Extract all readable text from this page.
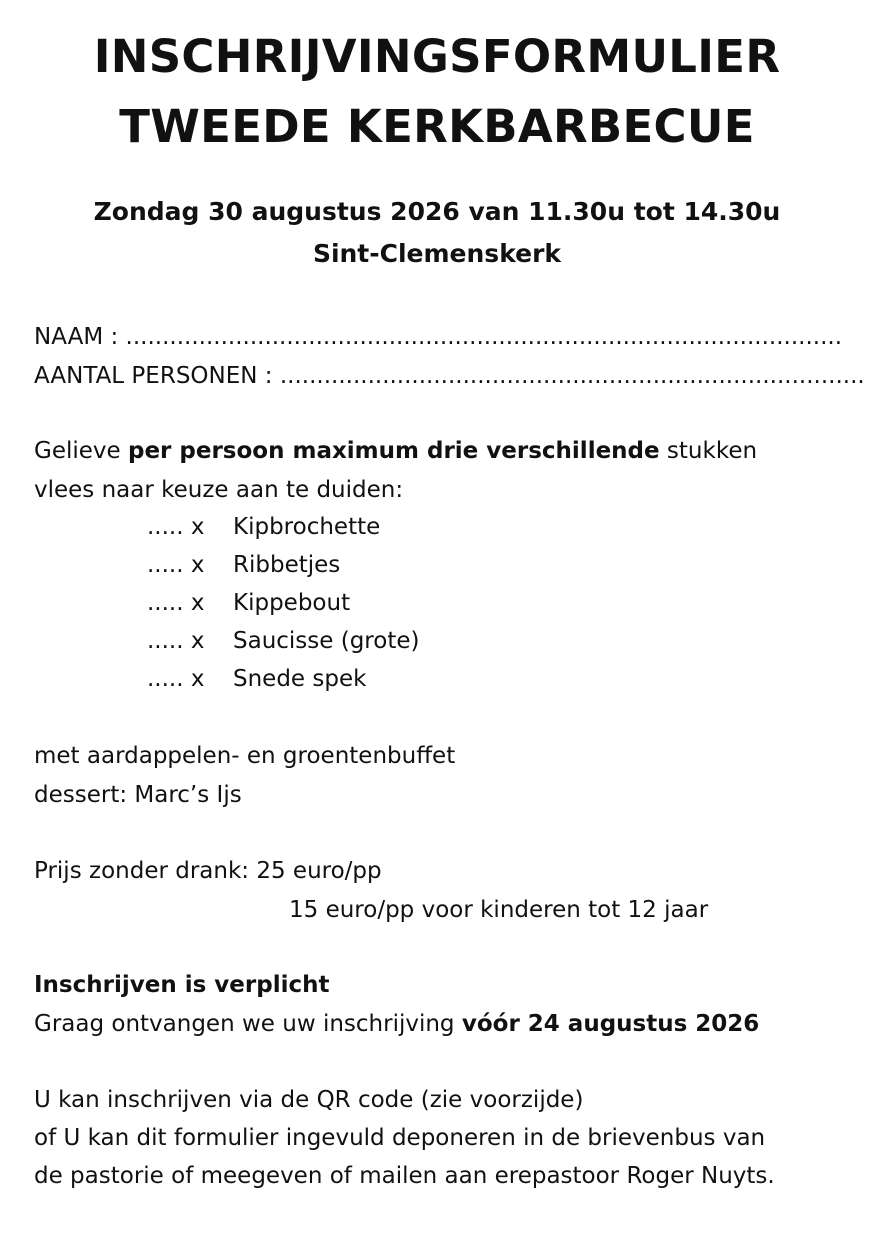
INSCHRIJVINGSFORMULIER
TWEEDE KERKBARBECUE
Zondag 30 augustus 2026 van 11.30u tot 14.30u
Sint-Clemenskerk
NAAM : ..................................................................................................
AANTAL PERSONEN : ................................................................................
Gelieve per persoon maximum drie verschillende stukken
vlees naar keuze aan te duiden:
..... x Kipbrochette
..... x Ribbetjes
..... x Kippebout
..... x Saucisse (grote)
..... x Snede spek
met aardappelen- en groentenbuffet
dessert: Marc’s Ijs
Prijs zonder drank: 25 euro/pp
15 euro/pp voor kinderen tot 12 jaar
Inschrijven is verplicht
Graag ontvangen we uw inschrijving vóór 24 augustus 2026
U kan inschrijven via de QR code (zie voorzijde)
of U kan dit formulier ingevuld deponeren in de brievenbus van
de pastorie of meegeven of mailen aan erepastoor Roger Nuyts.
